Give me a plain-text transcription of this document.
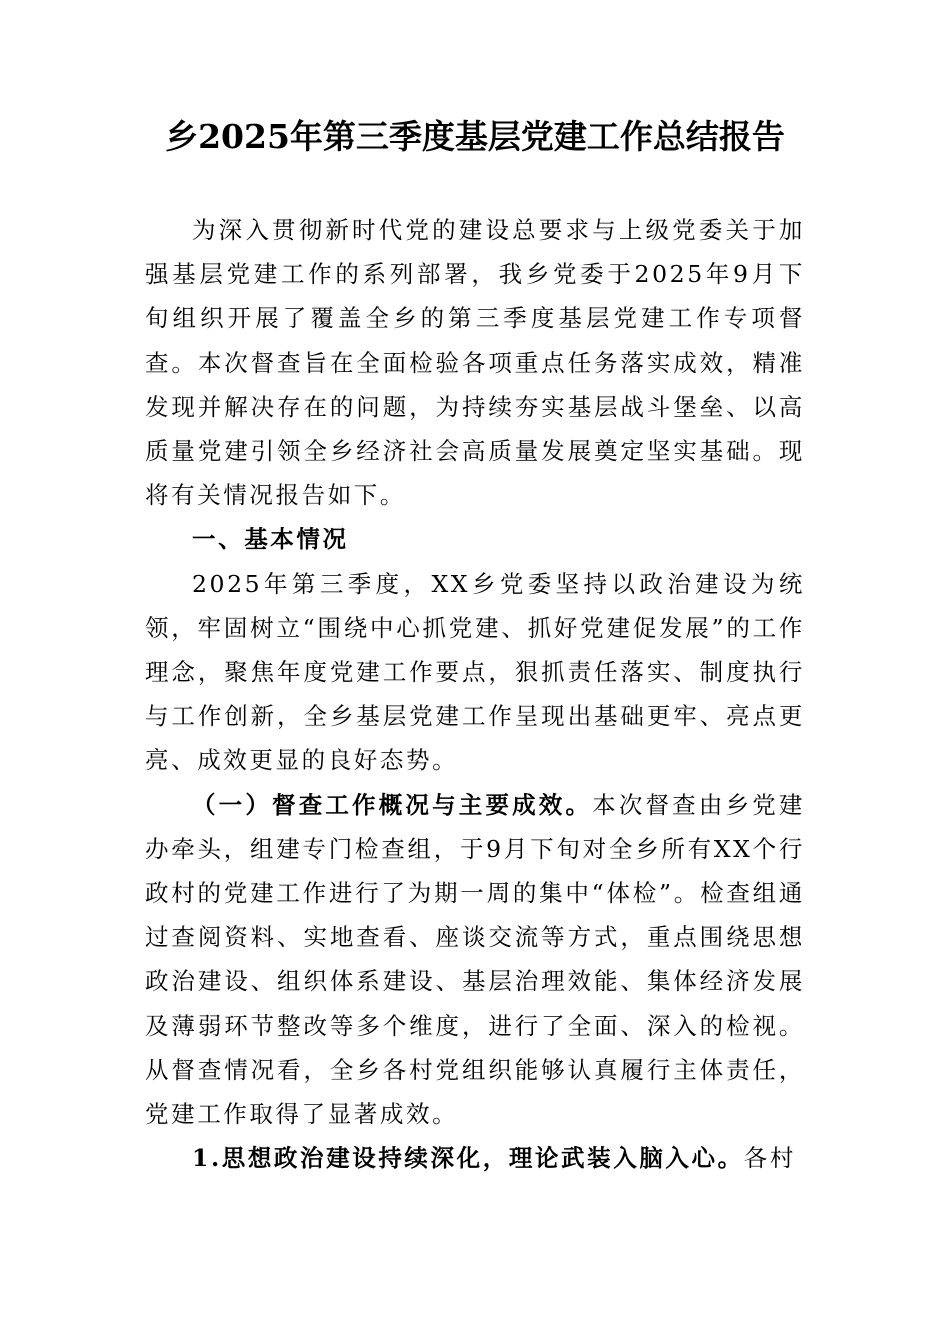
乡2025年第三季度基层党建工作总结报告

为深入贯彻新时代党的建设总要求与上级党委关于加强基层党建工作的系列部署，我乡党委于2025年9月下旬组织开展了覆盖全乡的第三季度基层党建工作专项督查。本次督查旨在全面检验各项重点任务落实成效，精准发现并解决存在的问题，为持续夯实基层战斗堡垒、以高质量党建引领全乡经济社会高质量发展奠定坚实基础。现将有关情况报告如下。

一、基本情况

2025年第三季度，XX乡党委坚持以政治建设为统领，牢固树立“围绕中心抓党建、抓好党建促发展”的工作理念，聚焦年度党建工作要点，狠抓责任落实、制度执行与工作创新，全乡基层党建工作呈现出基础更牢、亮点更亮、成效更显的良好态势。

（一）督查工作概况与主要成效。本次督查由乡党建办牵头，组建专门检查组，于9月下旬对全乡所有XX个行政村的党建工作进行了为期一周的集中“体检”。检查组通过查阅资料、实地查看、座谈交流等方式，重点围绕思想政治建设、组织体系建设、基层治理效能、集体经济发展及薄弱环节整改等多个维度，进行了全面、深入的检视。从督查情况看，全乡各村党组织能够认真履行主体责任，党建工作取得了显著成效。

1.思想政治建设持续深化，理论武装入脑入心。各村
